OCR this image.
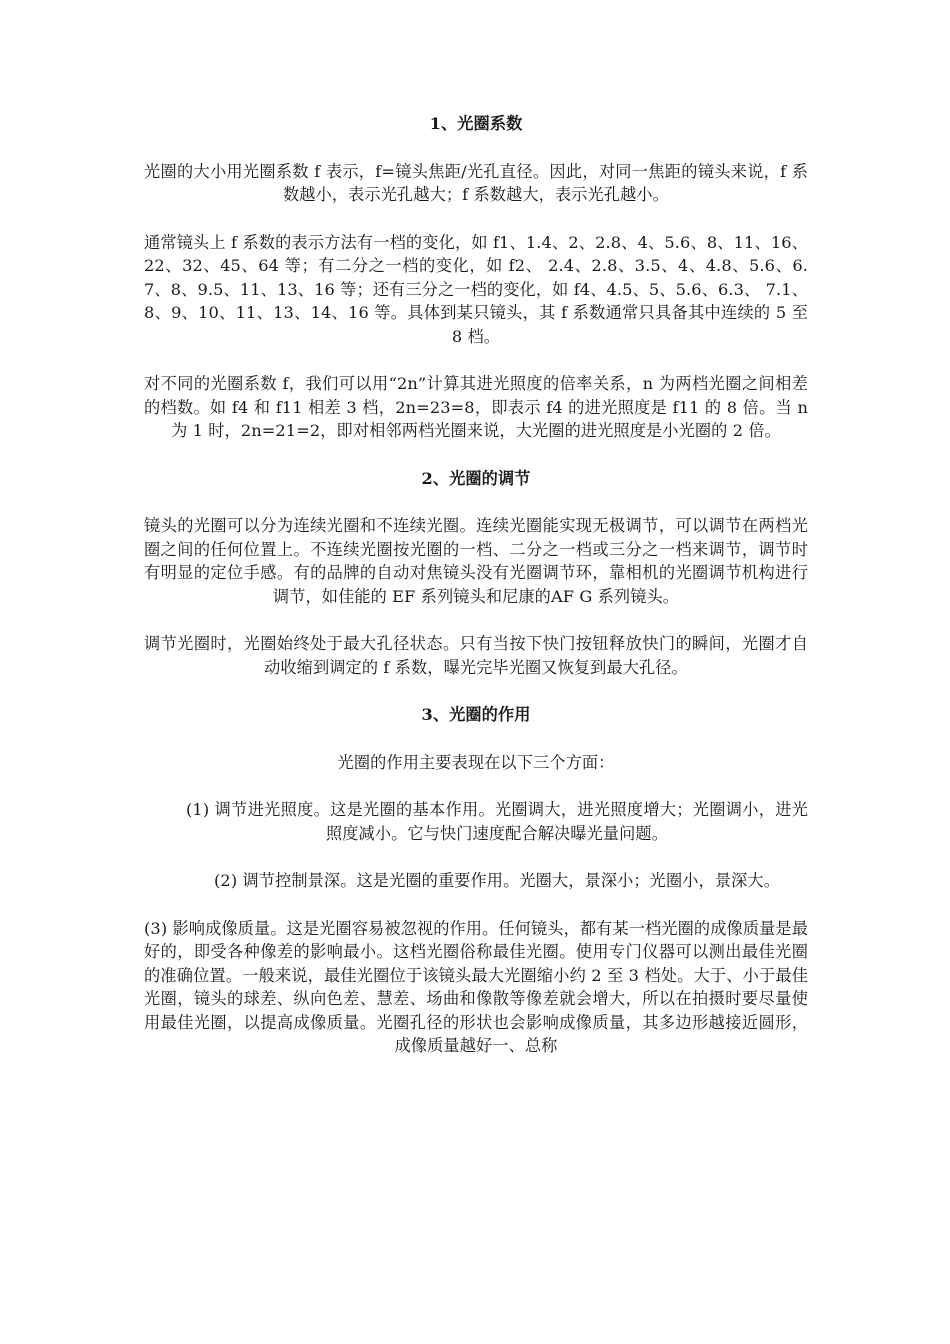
1、光圈系数

光圈的大小用光圈系数 f 表示，f=镜头焦距/光孔直径。因此，对同一焦距的镜头来说，f 系数越小，表示光孔越大；f 系数越大，表示光孔越小。

通常镜头上 f 系数的表示方法有一档的变化，如 f1、1.4、2、2.8、4、5.6、8、11、16、22、32、45、64 等；有二分之一档的变化，如 f2、 2.4、2.8、3.5、4、4.8、5.6、6.7、8、9.5、11、13、16 等；还有三分之一档的变化，如 f4、4.5、5、5.6、6.3、 7.1、8、9、10、11、13、14、16 等。具体到某只镜头，其 f 系数通常只具备其中连续的 5 至 8 档。

对不同的光圈系数 f，我们可以用“2n”计算其进光照度的倍率关系，n 为两档光圈之间相差的档数。如 f4 和 f11 相差 3 档，2n=23=8，即表示 f4 的进光照度是 f11 的 8 倍。当 n 为 1 时，2n=21=2，即对相邻两档光圈来说，大光圈的进光照度是小光圈的 2 倍。

2、光圈的调节

镜头的光圈可以分为连续光圈和不连续光圈。连续光圈能实现无极调节，可以调节在两档光圈之间的任何位置上。不连续光圈按光圈的一档、二分之一档或三分之一档来调节，调节时有明显的定位手感。有的品牌的自动对焦镜头没有光圈调节环，靠相机的光圈调节机构进行调节，如佳能的 EF 系列镜头和尼康的AF G 系列镜头。

调节光圈时，光圈始终处于最大孔径状态。只有当按下快门按钮释放快门的瞬间，光圈才自动收缩到调定的 f 系数，曝光完毕光圈又恢复到最大孔径。

3、光圈的作用

光圈的作用主要表现在以下三个方面：

(1) 调节进光照度。这是光圈的基本作用。光圈调大，进光照度增大；光圈调小，进光照度减小。它与快门速度配合解决曝光量问题。

(2) 调节控制景深。这是光圈的重要作用。光圈大，景深小；光圈小，景深大。

(3) 影响成像质量。这是光圈容易被忽视的作用。任何镜头，都有某一档光圈的成像质量是最好的，即受各种像差的影响最小。这档光圈俗称最佳光圈。使用专门仪器可以测出最佳光圈的准确位置。一般来说，最佳光圈位于该镜头最大光圈缩小约 2 至 3 档处。大于、小于最佳光圈，镜头的球差、纵向色差、慧差、场曲和像散等像差就会增大，所以在拍摄时要尽量使用最佳光圈，以提高成像质量。光圈孔径的形状也会影响成像质量，其多边形越接近圆形，成像质量越好一、总称
